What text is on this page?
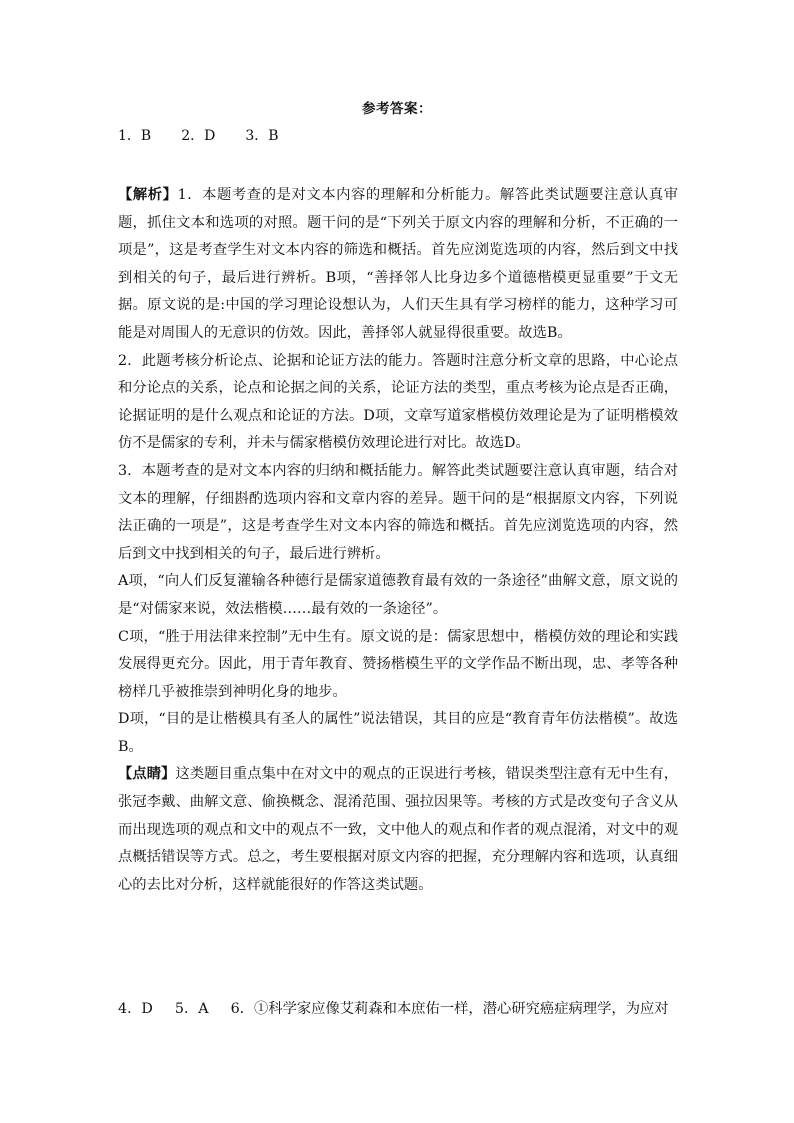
参考答案：
1．B 2．D 3．B

【解析】1．本题考查的是对文本内容的理解和分析能力。解答此类试题要注意认真审题，抓住文本和选项的对照。题干问的是“下列关于原文内容的理解和分析，不正确的一项是”，这是考查学生对文本内容的筛选和概括。首先应浏览选项的内容，然后到文中找到相关的句子，最后进行辨析。B项，“善择邻人比身边多个道德楷模更显重要”于文无据。原文说的是:中国的学习理论设想认为，人们天生具有学习榜样的能力，这种学习可能是对周围人的无意识的仿效。因此，善择邻人就显得很重要。故选B。

2．此题考核分析论点、论据和论证方法的能力。答题时注意分析文章的思路，中心论点和分论点的关系，论点和论据之间的关系，论证方法的类型，重点考核为论点是否正确，论据证明的是什么观点和论证的方法。D项，文章写道家楷模仿效理论是为了证明楷模效仿不是儒家的专利，并未与儒家楷模仿效理论进行对比。故选D。

3．本题考查的是对文本内容的归纳和概括能力。解答此类试题要注意认真审题，结合对文本的理解，仔细斟酌选项内容和文章内容的差异。题干问的是“根据原文内容，下列说法正确的一项是”，这是考查学生对文本内容的筛选和概括。首先应浏览选项的内容，然后到文中找到相关的句子，最后进行辨析。

A项，“向人们反复灌输各种德行是儒家道德教育最有效的一条途径”曲解文意，原文说的是“对儒家来说，效法楷模……最有效的一条途径”。

C项，“胜于用法律来控制”无中生有。原文说的是：儒家思想中，楷模仿效的理论和实践发展得更充分。因此，用于青年教育、赞扬楷模生平的文学作品不断出现，忠、孝等各种榜样几乎被推崇到神明化身的地步。

D项，“目的是让楷模具有圣人的属性”说法错误，其目的应是“教育青年仿法楷模”。故选B。

【点睛】这类题目重点集中在对文中的观点的正误进行考核，错误类型注意有无中生有，张冠李戴、曲解文意、偷换概念、混淆范围、强拉因果等。考核的方式是改变句子含义从而出现选项的观点和文中的观点不一致，文中他人的观点和作者的观点混淆，对文中的观点概括错误等方式。总之，考生要根据对原文内容的把握，充分理解内容和选项，认真细心的去比对分析，这样就能很好的作答这类试题。

4．D 5．A 6．①科学家应像艾莉森和本庶佑一样，潜心研究癌症病理学，为应对
